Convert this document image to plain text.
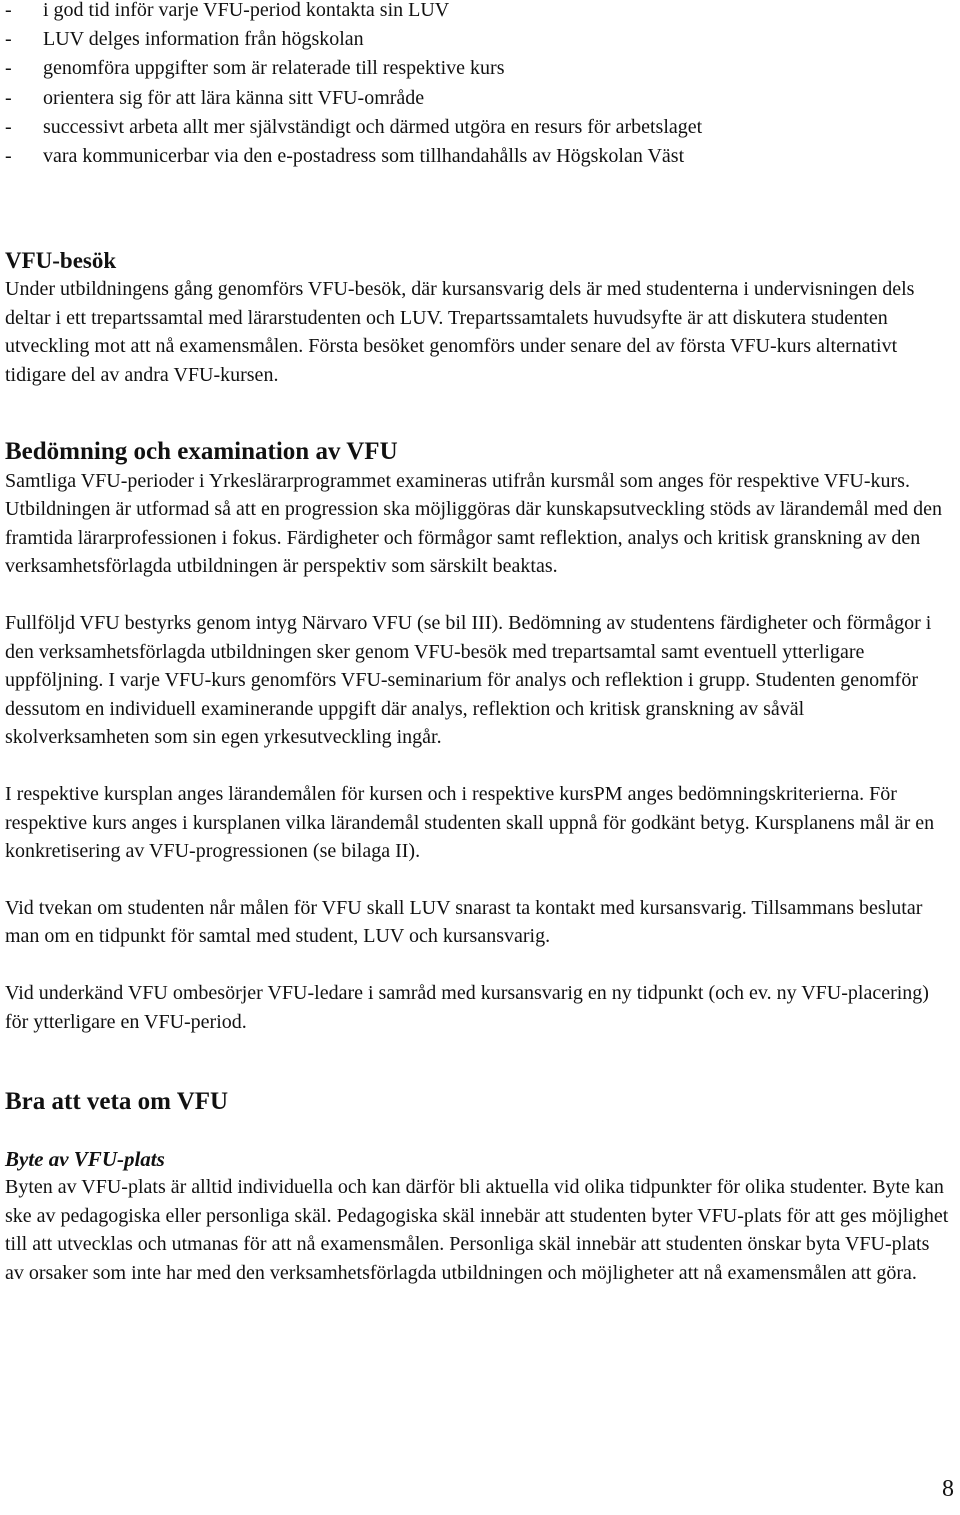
- i god tid inför varje VFU-period kontakta sin LUV
- LUV delges information från högskolan
- genomföra uppgifter som är relaterade till respektive kurs
- orientera sig för att lära känna sitt VFU-område
- successivt arbeta allt mer självständigt och därmed utgöra en resurs för arbetslaget
- vara kommunicerbar via den e-postadress som tillhandahålls av Högskolan Väst
VFU-besök

Under utbildningens gång genomförs VFU-besök, där kursansvarig dels är med studenterna i undervisningen dels deltar i ett trepartssamtal med lärarstudenten och LUV. Trepartssamtalets huvudsyfte är att diskutera studenten utveckling mot att nå examensmålen. Första besöket genomförs under senare del av första VFU-kurs alternativt tidigare del av andra VFU-kursen.

Bedömning och examination av VFU

Samtliga VFU-perioder i Yrkeslärarprogrammet examineras utifrån kursmål som anges för respektive VFU-kurs. Utbildningen är utformad så att en progression ska möjliggöras där kunskapsutveckling stöds av lärandemål med den framtida lärarprofessionen i fokus. Färdigheter och förmågor samt reflektion, analys och kritisk granskning av den verksamhetsförlagda utbildningen är perspektiv som särskilt beaktas.

Fullföljd VFU bestyrks genom intyg Närvaro VFU (se bil III). Bedömning av studentens färdigheter och förmågor i den verksamhetsförlagda utbildningen sker genom VFU-besök med trepartsamtal samt eventuell ytterligare uppföljning. I varje VFU-kurs genomförs VFU-seminarium för analys och reflektion i grupp. Studenten genomför dessutom en individuell examinerande uppgift där analys, reflektion och kritisk granskning av såväl skolverksamheten som sin egen yrkesutveckling ingår.

I respektive kursplan anges lärandemålen för kursen och i respektive kursPM anges bedömningskriterierna. För respektive kurs anges i kursplanen vilka lärandemål studenten skall uppnå för godkänt betyg. Kursplanens mål är en konkretisering av VFU-progressionen (se bilaga II).

Vid tvekan om studenten når målen för VFU skall LUV snarast ta kontakt med kursansvarig. Tillsammans beslutar man om en tidpunkt för samtal med student, LUV och kursansvarig.

Vid underkänd VFU ombesörjer VFU-ledare i samråd med kursansvarig en ny tidpunkt (och ev. ny VFU-placering) för ytterligare en VFU-period.

Bra att veta om VFU
Byte av VFU-plats

Byten av VFU-plats är alltid individuella och kan därför bli aktuella vid olika tidpunkter för olika studenter. Byte kan ske av pedagogiska eller personliga skäl. Pedagogiska skäl innebär att studenten byter VFU-plats för att ges möjlighet till att utvecklas och utmanas för att nå examensmålen. Personliga skäl innebär att studenten önskar byta VFU-plats av orsaker som inte har med den verksamhetsförlagda utbildningen och möjligheter att nå examensmålen att göra.

8
